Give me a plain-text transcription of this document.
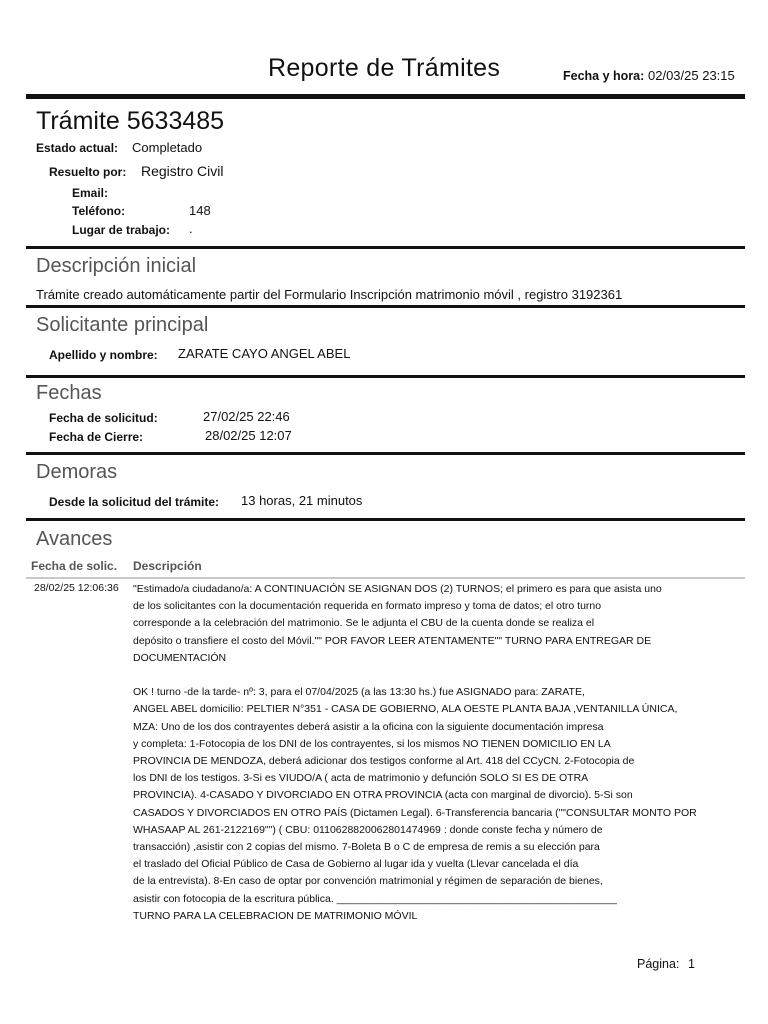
Reporte de Trámites	Fecha y hora: 02/03/25 23:15
Trámite 5633485
Estado actual: Completado
Resuelto por: Registro Civil
Email:
Teléfono:	148
Lugar de trabajo: .
Descripción inicial
Trámite creado automáticamente partir del Formulario Inscripción matrimonio móvil , registro 3192361
Solicitante principal
Apellido y nombre: ZARATE CAYO ANGEL ABEL
Fechas
Fecha de solicitud:	27/02/25 22:46
Fecha de Cierre:	28/02/25 12:07
Demoras
Desde la solicitud del trámite: 13 horas, 21 minutos
Avances
Fecha de solic. Descripción
28/02/25 12:06:36 "Estimado/a ciudadano/a: A CONTINUACIÓN SE ASIGNAN DOS (2) TURNOS; el primero es para que asista uno
de los solicitantes con la documentación requerida en formato impreso y toma de datos; el otro turno
corresponde a la celebración del matrimonio. Se le adjunta el CBU de la cuenta donde se realiza el
depósito o transfiere el costo del Móvil."" POR FAVOR LEER ATENTAMENTE"" TURNO PARA ENTREGAR DE
DOCUMENTACIÓN
OK ! turno -de la tarde- nº: 3, para el 07/04/2025 (a las 13:30 hs.) fue ASIGNADO para: ZARATE,
ANGEL ABEL domicilio: PELTIER N°351 - CASA DE GOBIERNO, ALA OESTE PLANTA BAJA ,VENTANILLA ÚNICA,
MZA: Uno de los dos contrayentes deberá asistir a la oficina con la siguiente documentación impresa
y completa: 1-Fotocopia de los DNI de los contrayentes, si los mismos NO TIENEN DOMICILIO EN LA
PROVINCIA DE MENDOZA, deberá adicionar dos testigos conforme al Art. 418 del CCyCN. 2-Fotocopia de
los DNI de los testigos. 3-Si es VIUDO/A ( acta de matrimonio y defunción SOLO SI ES DE OTRA
PROVINCIA). 4-CASADO Y DIVORCIADO EN OTRA PROVINCIA (acta con marginal de divorcio). 5-Si son
CASADOS Y DIVORCIADOS EN OTRO PAÍS (Dictamen Legal). 6-Transferencia bancaria (""CONSULTAR MONTO POR
WHASAAP AL 261-2122169"") ( CBU: 0110628820062801474969 : donde conste fecha y número de
transacción) ,asistir con 2 copias del mismo. 7-Boleta B o C de empresa de remis a su elección para
el traslado del Oficial Público de Casa de Gobierno al lugar ida y vuelta (Llevar cancelada el día
de la entrevista). 8-En caso de optar por convención matrimonial y régimen de separación de bienes,
asistir con fotocopia de la escritura pública. ________________________________________________
TURNO PARA LA CELEBRACION DE MATRIMONIO MÓVIL
Página: 1
